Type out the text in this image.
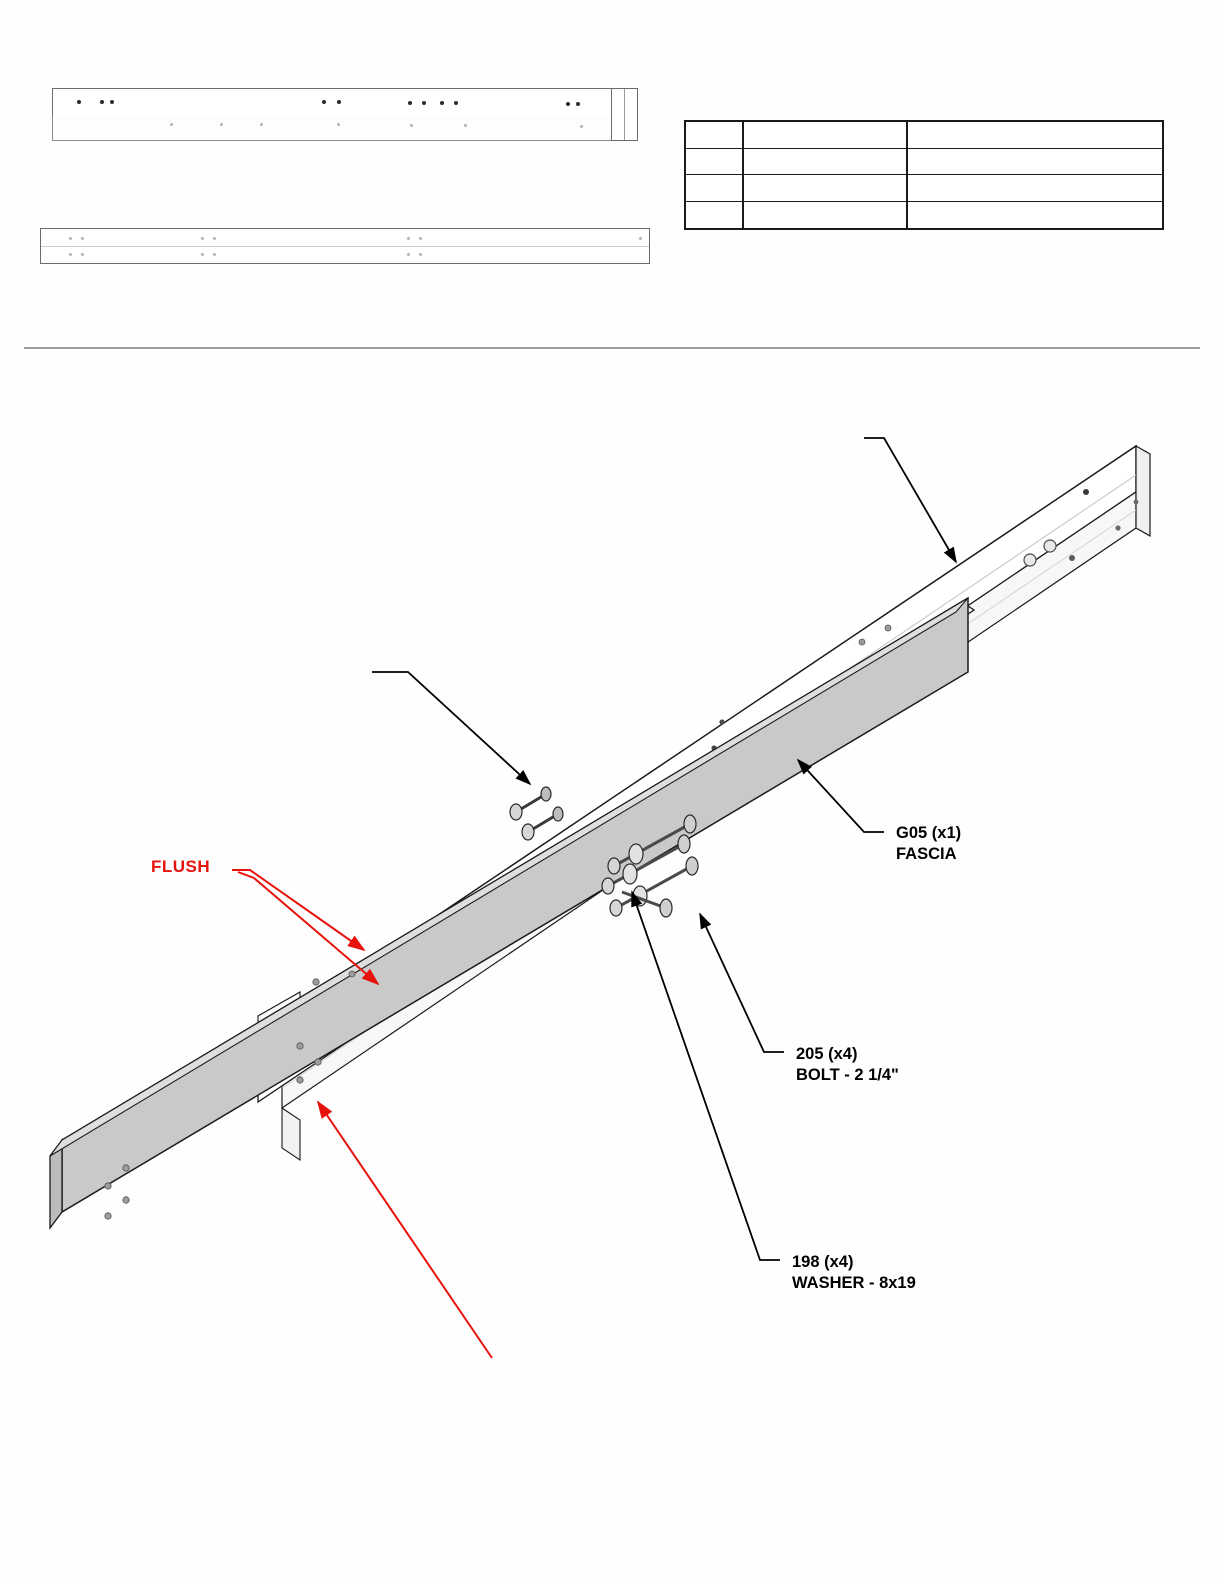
FLUSH
G05 (x1)
FASCIA
205 (x4)
BOLT - 2 1/4"
198 (x4)
WASHER - 8x19
